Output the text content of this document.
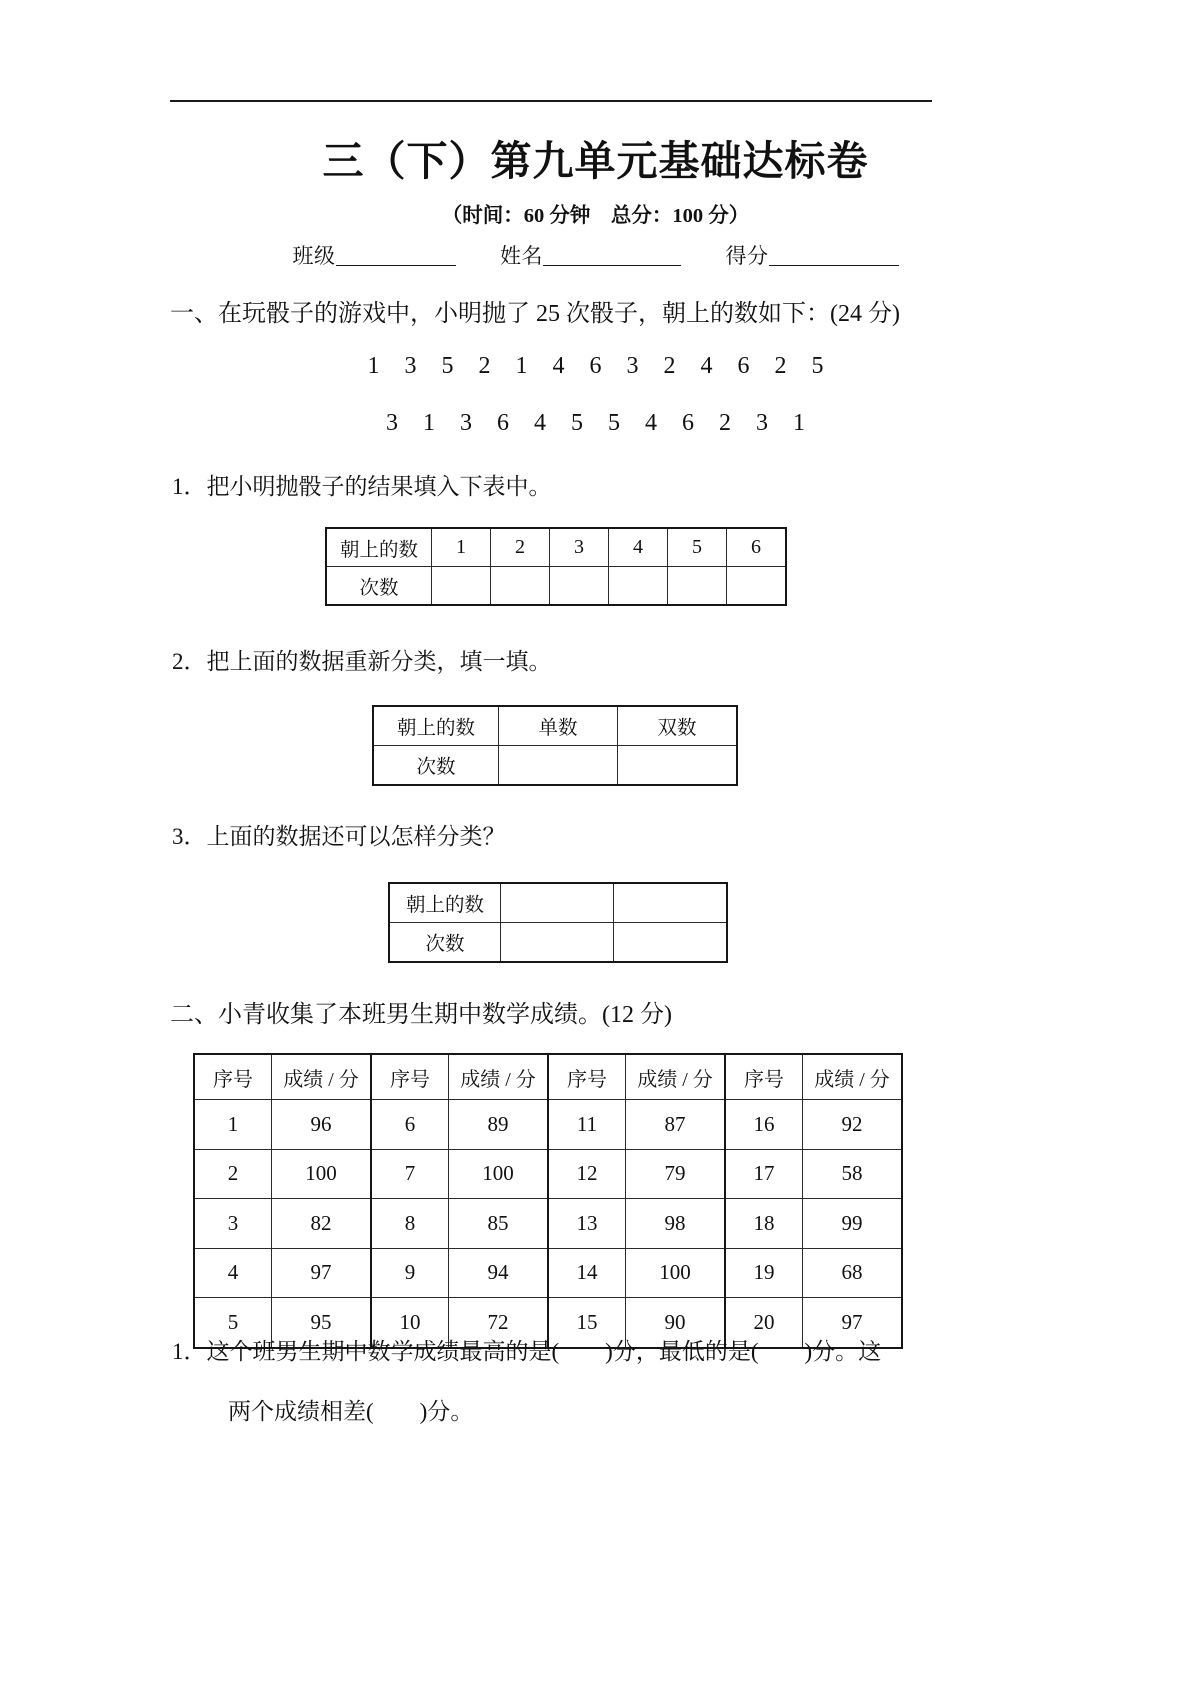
三（下）第九单元基础达标卷
（时间：60 分钟　总分：100 分）
班级	姓名	得分
一、在玩骰子的游戏中，小明抛了 25 次骰子，朝上的数如下：(24 分)
1 3 5 2 1 4 6 3 2 4 6 2 5
3 1 3 6 4 5 5 4 6 2 3 1
1．把小明抛骰子的结果填入下表中。
朝上的数	1	2	3	4	5	6
次数						
2．把上面的数据重新分类，填一填。
朝上的数	单数	双数
次数		
3．上面的数据还可以怎样分类？
朝上的数		
次数		
二、小青收集了本班男生期中数学成绩。(12 分)
序号	成绩 / 分	序号	成绩 / 分	序号	成绩 / 分	序号	成绩 / 分
1	96	6	89	11	87	16	92
2	100	7	100	12	79	17	58
3	82	8	85	13	98	18	99
4	97	9	94	14	100	19	68
5	95	10	72	15	90	20	97
1．这个班男生期中数学成绩最高的是(　　)分，最低的是(　　)分。这
两个成绩相差(　　)分。
